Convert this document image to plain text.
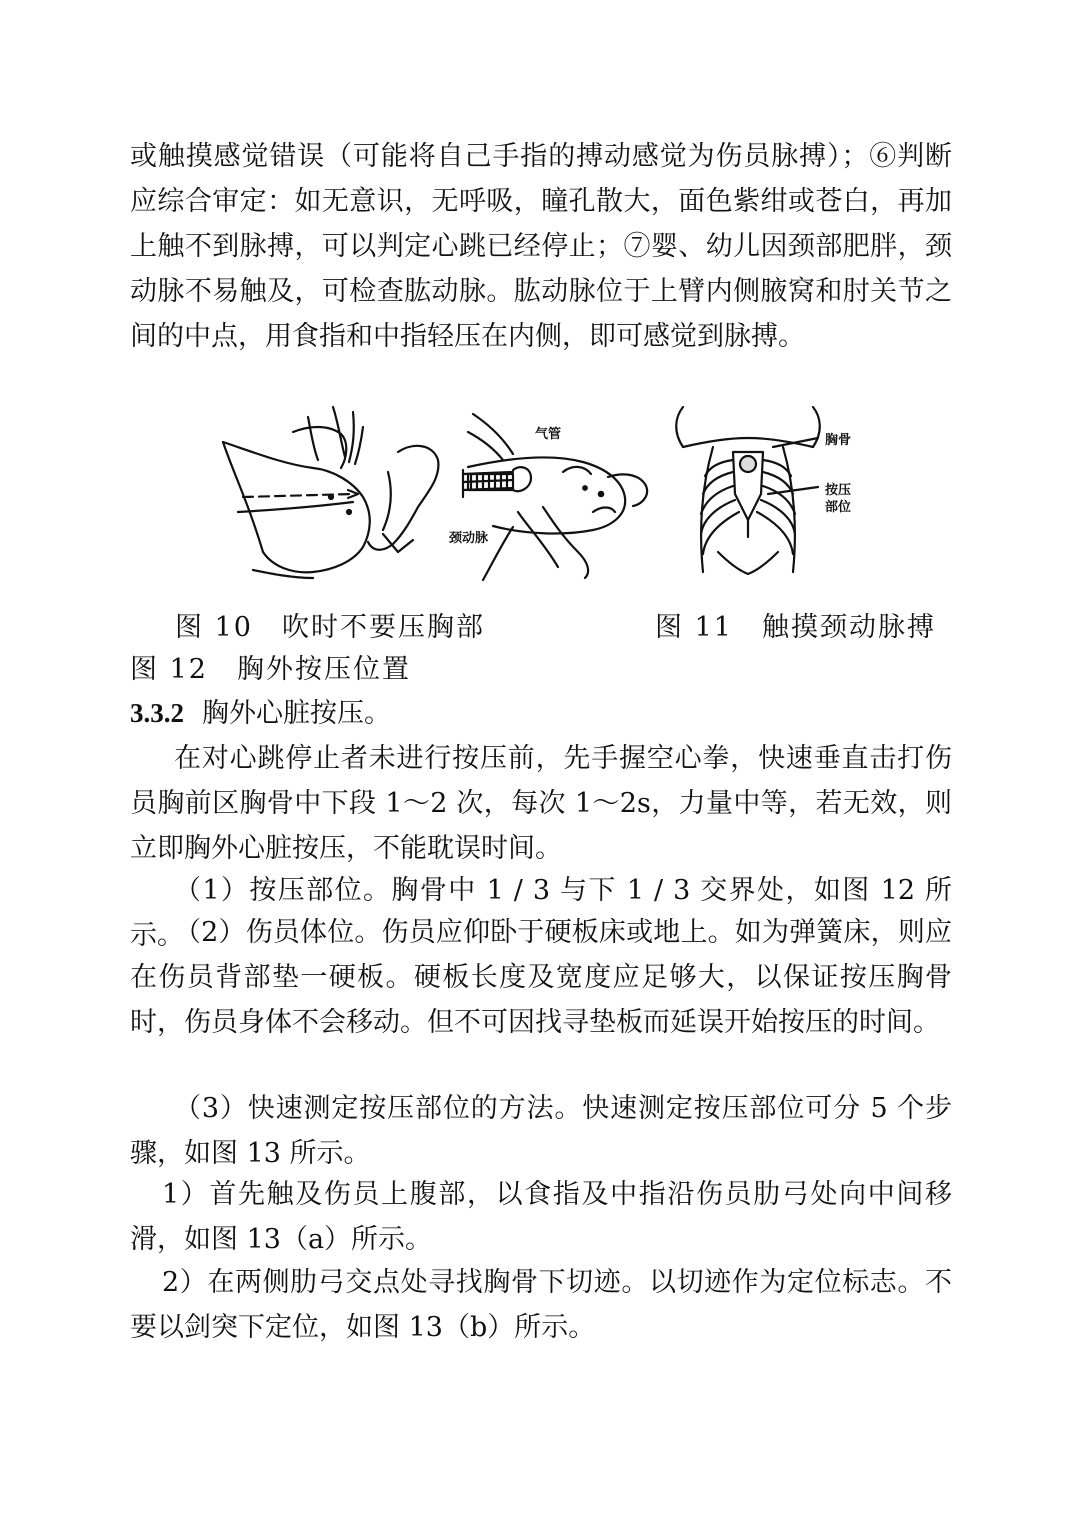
或触摸感觉错误（可能将自己手指的搏动感觉为伤员脉搏）；⑥判断应综合审定：如无意识，无呼吸，瞳孔散大，面色紫绀或苍白，再加上触不到脉搏，可以判定心跳已经停止；⑦婴、幼儿因颈部肥胖，颈动脉不易触及，可检查肱动脉。肱动脉位于上臂内侧腋窝和肘关节之间的中点，用食指和中指轻压在内侧，即可感觉到脉搏。

气管
颈动脉
胸骨
按压
部位
图 10　吹时不要压胸部	图 11　触摸颈动脉搏
图 12　胸外按压位置
3.3.2 胸外心脏按压。

在对心跳停止者未进行按压前，先手握空心拳，快速垂直击打伤员胸前区胸骨中下段 1～2 次，每次 1～2s，力量中等，若无效，则立即胸外心脏按压，不能耽误时间。

（1）按压部位。胸骨中 1 / 3 与下 1 / 3 交界处，如图 12 所示。

（2）伤员体位。伤员应仰卧于硬板床或地上。如为弹簧床，则应在伤员背部垫一硬板。硬板长度及宽度应足够大，以保证按压胸骨时，伤员身体不会移动。但不可因找寻垫板而延误开始按压的时间。

（3）快速测定按压部位的方法。快速测定按压部位可分 5 个步骤，如图 13 所示。

1）首先触及伤员上腹部，以食指及中指沿伤员肋弓处向中间移滑，如图 13（a）所示。

2）在两侧肋弓交点处寻找胸骨下切迹。以切迹作为定位标志。不要以剑突下定位，如图 13（b）所示。
